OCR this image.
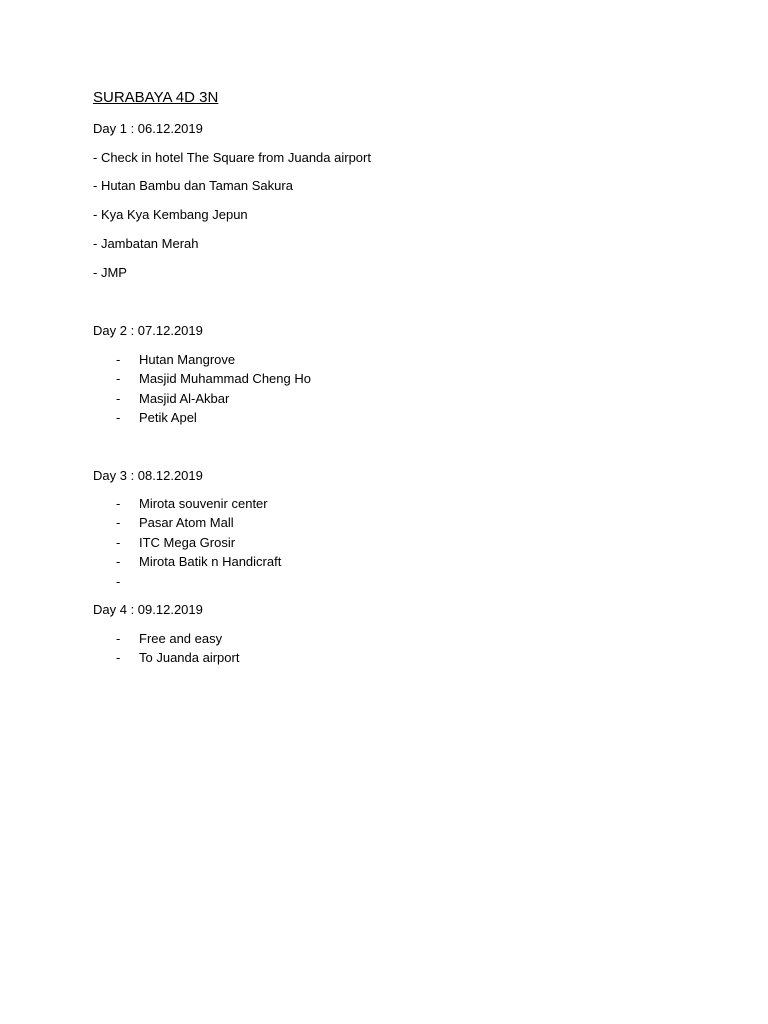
SURABAYA 4D 3N

Day 1 : 06.12.2019

- Check in hotel The Square from Juanda airport

- Hutan Bambu dan Taman Sakura

- Kya Kya Kembang Jepun

- Jambatan Merah

- JMP

Day 2 : 07.12.2019

- Hutan Mangrove
- Masjid Muhammad Cheng Ho
- Masjid Al-Akbar
- Petik Apel

Day 3 : 08.12.2019

- Mirota souvenir center
- Pasar Atom Mall
- ITC Mega Grosir
- Mirota Batik n Handicraft
-

Day 4 : 09.12.2019

- Free and easy
- To Juanda airport
